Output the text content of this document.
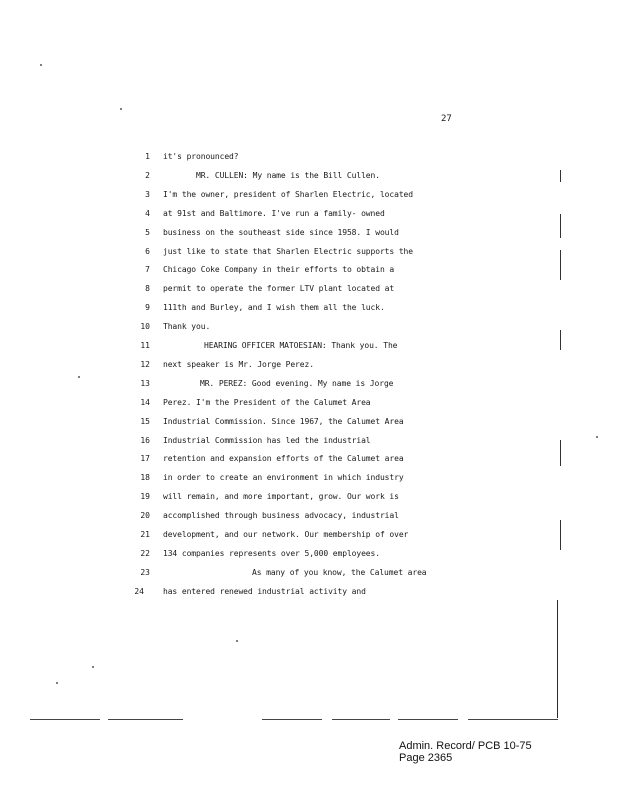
27
1 it's pronounced?
2	MR. CULLEN: My name is the Bill Cullen.
3 I'm the owner, president of Sharlen Electric, located
4 at 91st and Baltimore. I've run a family- owned
5 business on the southeast side since 1958. I would
6 just like to state that Sharlen Electric supports the
7 Chicago Coke Company in their efforts to obtain a
8 permit to operate the former LTV plant located at
9 111th and Burley, and I wish them all the luck.
10 Thank you.
11	HEARING OFFICER MATOESIAN: Thank you. The
12 next speaker is Mr. Jorge Perez.
13	MR. PEREZ: Good evening. My name is Jorge
14 Perez. I'm the President of the Calumet Area
15 Industrial Commission. Since 1967, the Calumet Area
16 Industrial Commission has led the industrial
17 retention and expansion efforts of the Calumet area
18 in order to create an environment in which industry
19 will remain, and more important, grow. Our work is
20 accomplished through business advocacy, industrial
21 development, and our network. Our membership of over
22 134 companies represents over 5,000 employees.
23	As many of you know, the Calumet area
24 has entered renewed industrial activity and
Admin. Record/ PCB 10-75
Page 2365
